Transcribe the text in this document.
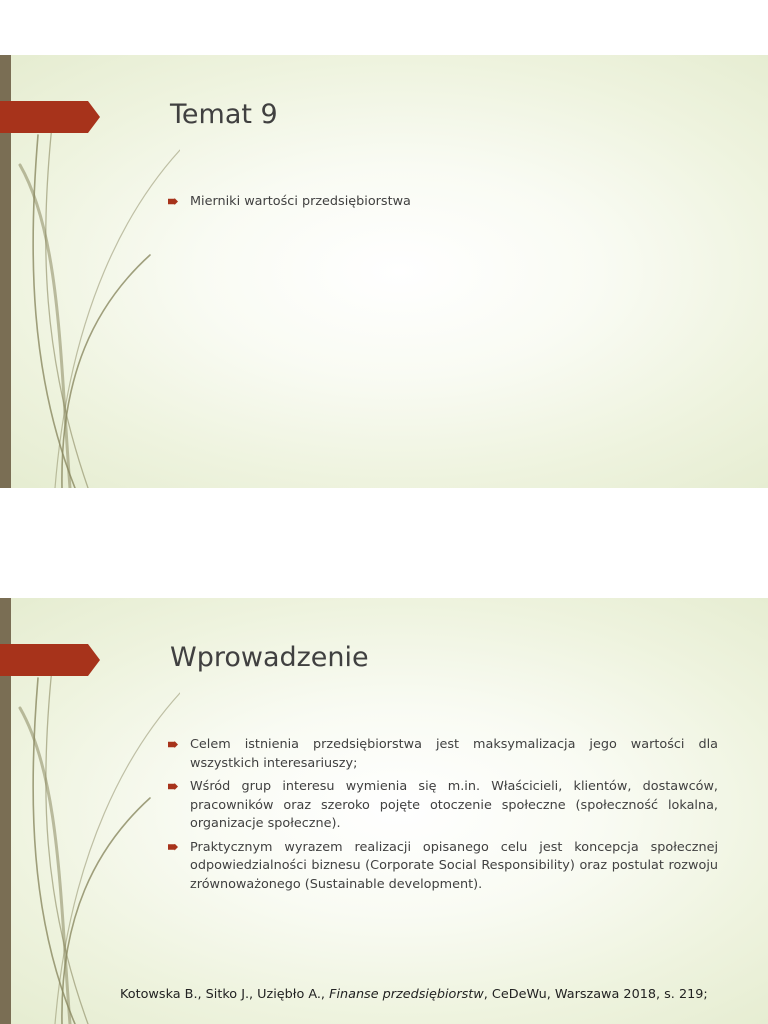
Temat 9
Mierniki wartości przedsiębiorstwa
Wprowadzenie
Celem istnienia przedsiębiorstwa jest maksymalizacja jego wartości dla wszystkich interesariuszy;
Wśród grup interesu wymienia się m.in. Właścicieli, klientów, dostawców, pracowników oraz szeroko pojęte otoczenie społeczne (społeczność lokalna, organizacje społeczne).
Praktycznym wyrazem realizacji opisanego celu jest koncepcja społecznej odpowiedzialności biznesu (Corporate Social Responsibility) oraz postulat rozwoju zrównoważonego (Sustainable development).
Kotowska B., Sitko J., Uziębło A., Finanse przedsiębiorstw, CeDeWu, Warszawa 2018, s. 219;
